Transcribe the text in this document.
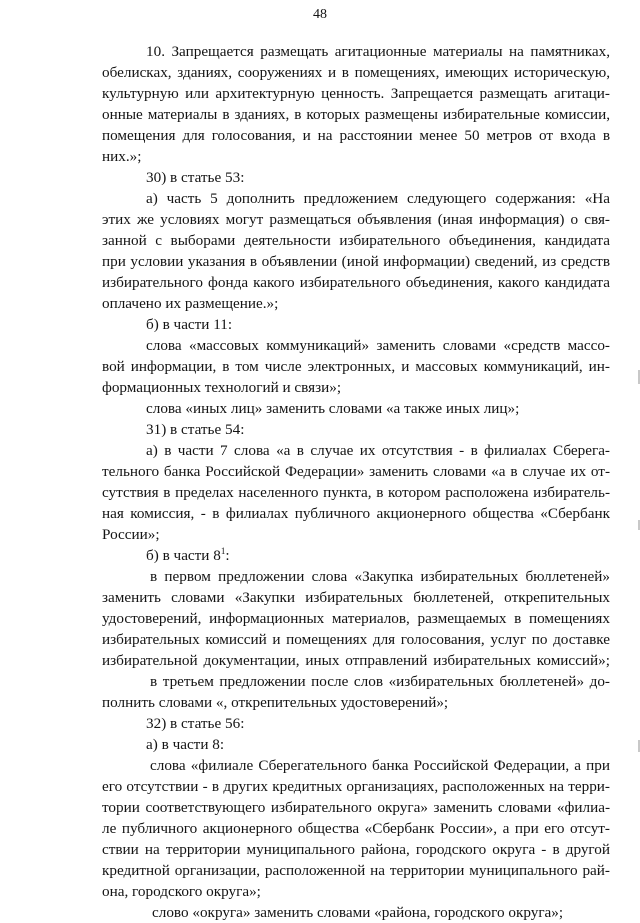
48
10. Запрещается размещать агитационные материалы на памятниках,
обелисках, зданиях, сооружениях и в помещениях, имеющих историческую,
культурную или архитектурную ценность. Запрещается размещать агитаци-
онные материалы в зданиях, в которых размещены избирательные комиссии,
помещения для голосования, и на расстоянии менее 50 метров от входа в
них.»;
30) в статье 53:
а) часть 5 дополнить предложением следующего содержания: «На
этих же условиях могут размещаться объявления (иная информация) о свя-
занной с выборами деятельности избирательного объединения, кандидата
при условии указания в объявлении (иной информации) сведений, из средств
избирательного фонда какого избирательного объединения, какого кандидата
оплачено их размещение.»;
б) в части 11:
слова «массовых коммуникаций» заменить словами «средств массо-
вой информации, в том числе электронных, и массовых коммуникаций, ин-
формационных технологий и связи»;
слова «иных лиц» заменить словами «а также иных лиц»;
31) в статье 54:
а) в части 7 слова «а в случае их отсутствия - в филиалах Сберега-
тельного банка Российской Федерации» заменить словами «а в случае их от-
сутствия в пределах населенного пункта, в котором расположена избиратель-
ная комиссия, - в филиалах публичного акционерного общества «Сбербанк
России»;
б) в части $8^1$:
в первом предложении слова «Закупка избирательных бюллетеней»
заменить словами «Закупки избирательных бюллетеней, открепительных
удостоверений, информационных материалов, размещаемых в помещениях
избирательных комиссий и помещениях для голосования, услуг по доставке
избирательной документации, иных отправлений избирательных комиссий»;
в третьем предложении после слов «избирательных бюллетеней» до-
полнить словами «, открепительных удостоверений»;
32) в статье 56:
а) в части 8:
слова «филиале Сберегательного банка Российской Федерации, а при
его отсутствии - в других кредитных организациях, расположенных на терри-
тории соответствующего избирательного округа» заменить словами «филиа-
ле публичного акционерного общества «Сбербанк России», а при его отсут-
ствии на территории муниципального района, городского округа - в другой
кредитной организации, расположенной на территории муниципального рай-
она, городского округа»;
слово «округа» заменить словами «района, городского округа»;
